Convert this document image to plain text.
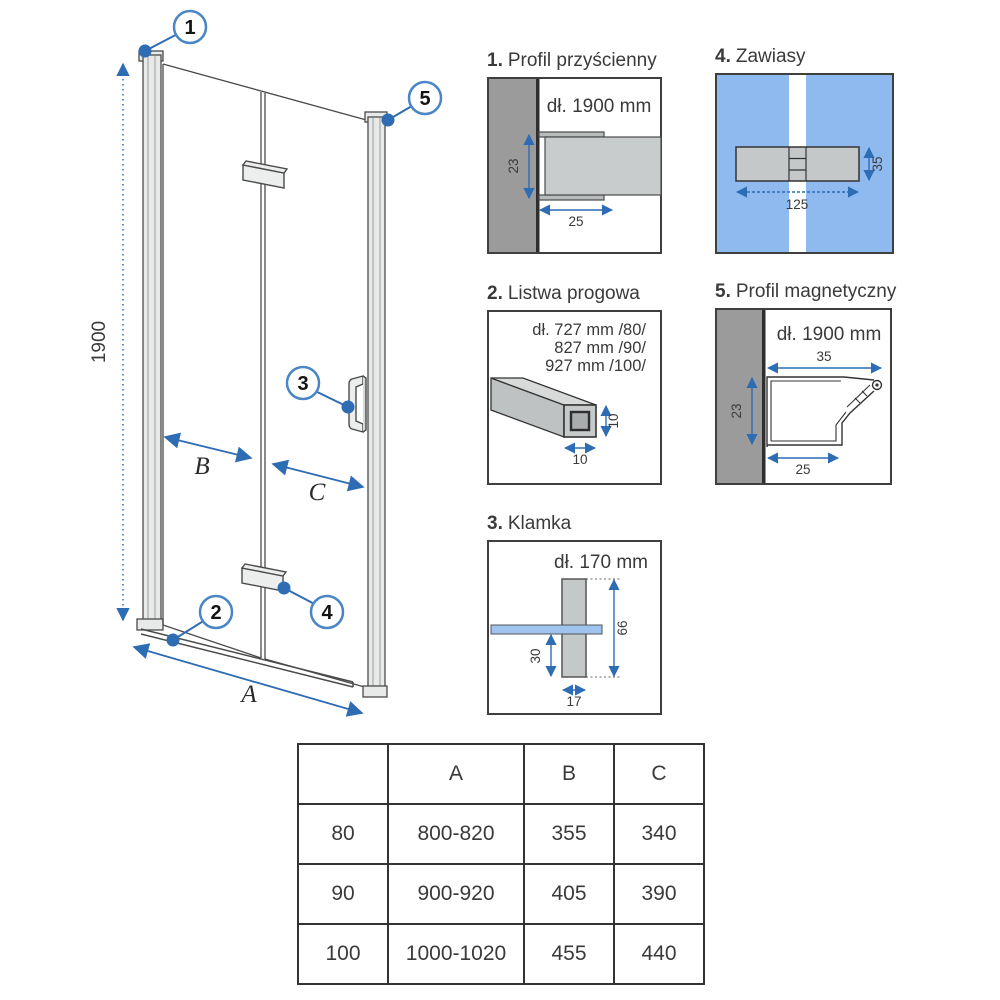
1900
B
C
A
1
5
3
4
2
1. Profil przyścienny
dł. 1900 mm
23
25
4. Zawiasy
125
35
2. Listwa progowa
dł. 727 mm /80/
827 mm /90/
927 mm /100/
10
10
5. Profil magnetyczny
dł. 1900 mm
35
23
25
3. Klamka
dł. 170 mm
66
30
17
	A	B	C
80	800-820	355	340
90	900-920	405	390
100	1000-1020	455	440
